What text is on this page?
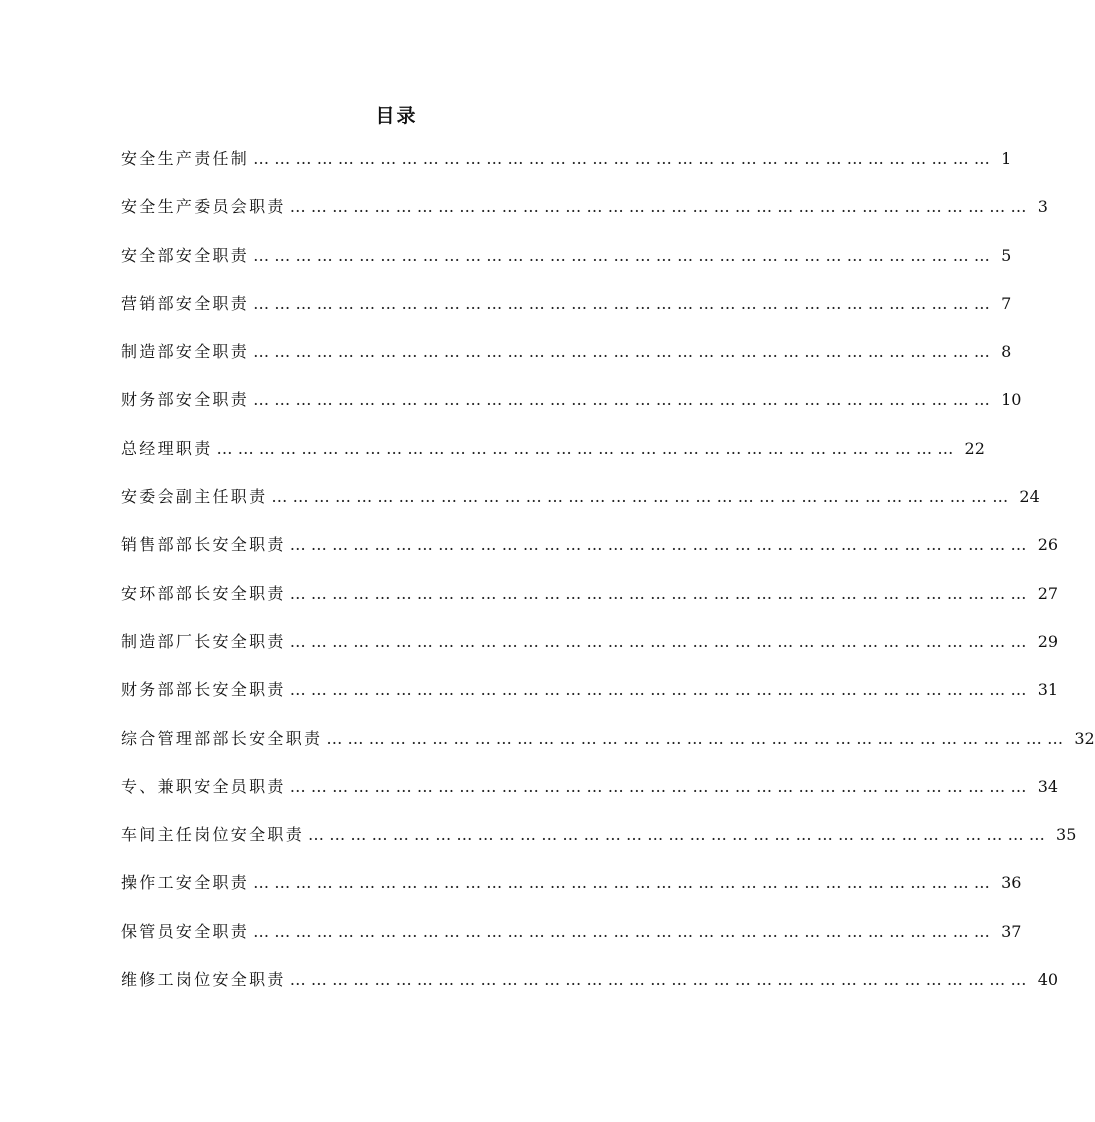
目录
安全生产责任制 …………………………………………………………………………………………… 1
安全生产委员会职责 …………………………………………………………………………………………… 3
安全部安全职责 …………………………………………………………………………………………… 5
营销部安全职责 …………………………………………………………………………………………… 7
制造部安全职责 …………………………………………………………………………………………… 8
财务部安全职责 …………………………………………………………………………………………… 10
总经理职责 …………………………………………………………………………………………… 22
安委会副主任职责 …………………………………………………………………………………………… 24
销售部部长安全职责 …………………………………………………………………………………………… 26
安环部部长安全职责 …………………………………………………………………………………………… 27
制造部厂长安全职责 …………………………………………………………………………………………… 29
财务部部长安全职责 …………………………………………………………………………………………… 31
综合管理部部长安全职责 …………………………………………………………………………………………… 32
专、兼职安全员职责 …………………………………………………………………………………………… 34
车间主任岗位安全职责 …………………………………………………………………………………………… 35
操作工安全职责 …………………………………………………………………………………………… 36
保管员安全职责 …………………………………………………………………………………………… 37
维修工岗位安全职责 …………………………………………………………………………………………… 40
